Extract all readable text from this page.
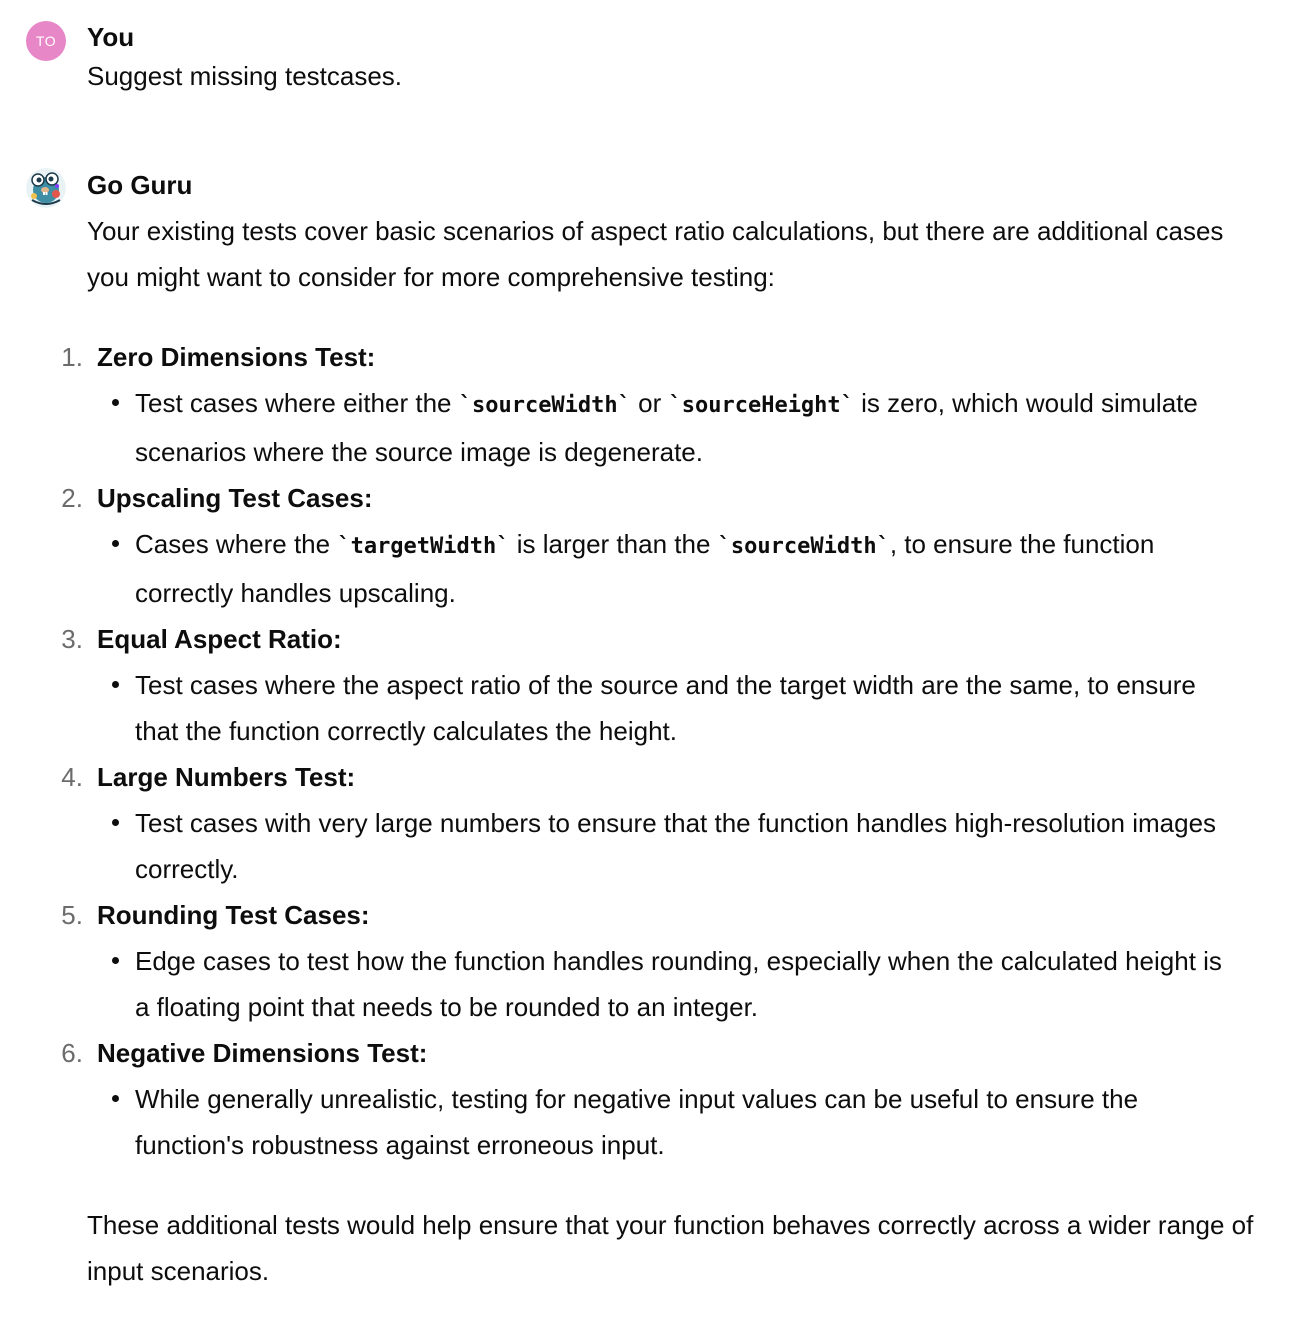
TO	You
Suggest missing testcases.
Go Guru

Your existing tests cover basic scenarios of aspect ratio calculations, but there are additional cases you might want to consider for more comprehensive testing:

1 . Zero Dimensions Test:
Test cases where either the `sourceWidth` or `sourceHeight` is zero, which would simulate scenarios where the source image is degenerate.
2 . Upscaling Test Cases:
Cases where the `targetWidth` is larger than the `sourceWidth`, to ensure the function correctly handles upscaling.
3 . Equal Aspect Ratio:
Test cases where the aspect ratio of the source and the target width are the same, to ensure that the function correctly calculates the height.
4 . Large Numbers Test:
Test cases with very large numbers to ensure that the function handles high-resolution images correctly.
5 . Rounding Test Cases:
Edge cases to test how the function handles rounding, especially when the calculated height is a floating point that needs to be rounded to an integer.
6 . Negative Dimensions Test:
While generally unrealistic, testing for negative input values can be useful to ensure the function's robustness against erroneous input.

These additional tests would help ensure that your function behaves correctly across a wider range of input scenarios.
